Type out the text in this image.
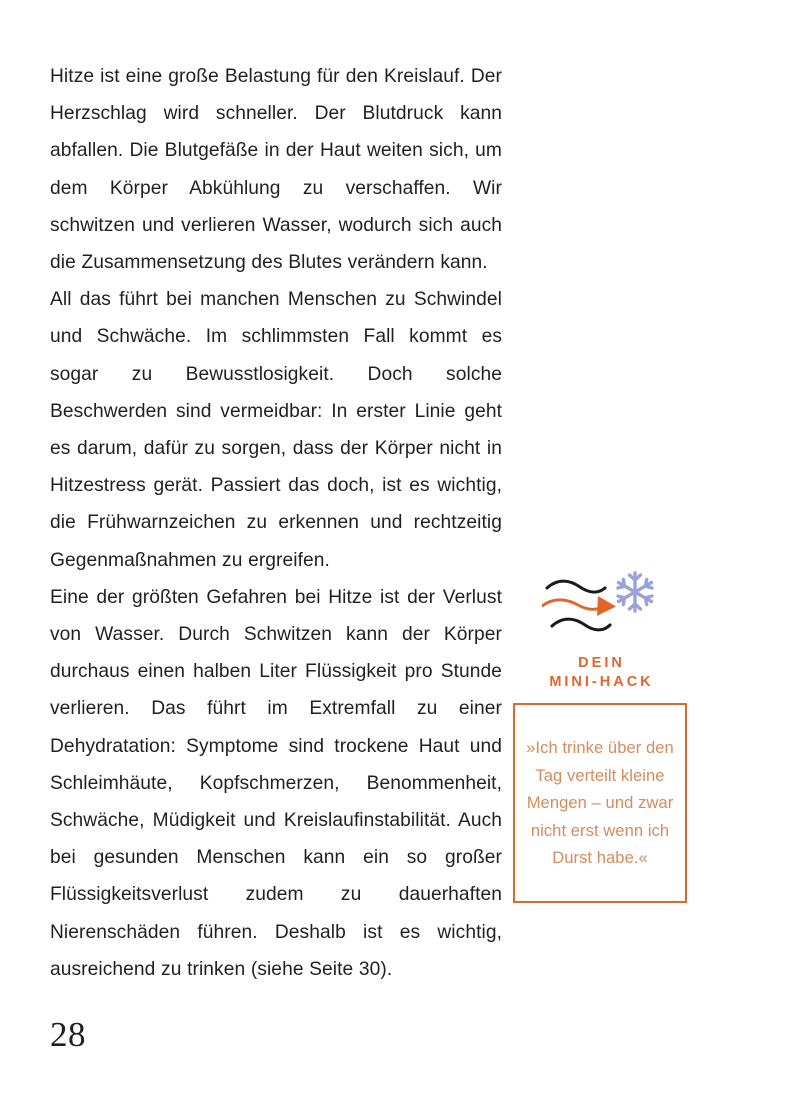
Hitze ist eine große Belastung für den Kreislauf. Der Herzschlag wird schneller. Der Blutdruck kann abfallen. Die Blutgefäße in der Haut weiten sich, um dem Körper Abkühlung zu verschaffen. Wir schwitzen und verlieren Wasser, wodurch sich auch die Zusammensetzung des Blutes verändern kann.

All das führt bei manchen Menschen zu Schwindel und Schwäche. Im schlimmsten Fall kommt es sogar zu Bewusstlosigkeit. Doch solche Beschwerden sind vermeidbar: In erster Linie geht es darum, dafür zu sorgen, dass der Körper nicht in Hitzestress gerät. Passiert das doch, ist es wichtig, die Frühwarnzeichen zu erkennen und rechtzeitig Gegenmaßnahmen zu ergreifen.

Eine der größten Gefahren bei Hitze ist der Verlust von Wasser. Durch Schwitzen kann der Körper durchaus einen halben Liter Flüssigkeit pro Stunde verlieren. Das führt im Extremfall zu einer Dehydratation: Symptome sind trockene Haut und Schleimhäute, Kopfschmerzen, Benommenheit, Schwäche, Müdigkeit und Kreislaufinstabilität. Auch bei gesunden Menschen kann ein so großer Flüssigkeitsverlust zudem zu dauerhaften Nierenschäden führen. Deshalb ist es wichtig, ausreichend zu trinken (siehe Seite 30).

DEIN
MINI-HACK

»Ich trinke über den Tag verteilt kleine Mengen – und zwar nicht erst wenn ich Durst habe.«

28
